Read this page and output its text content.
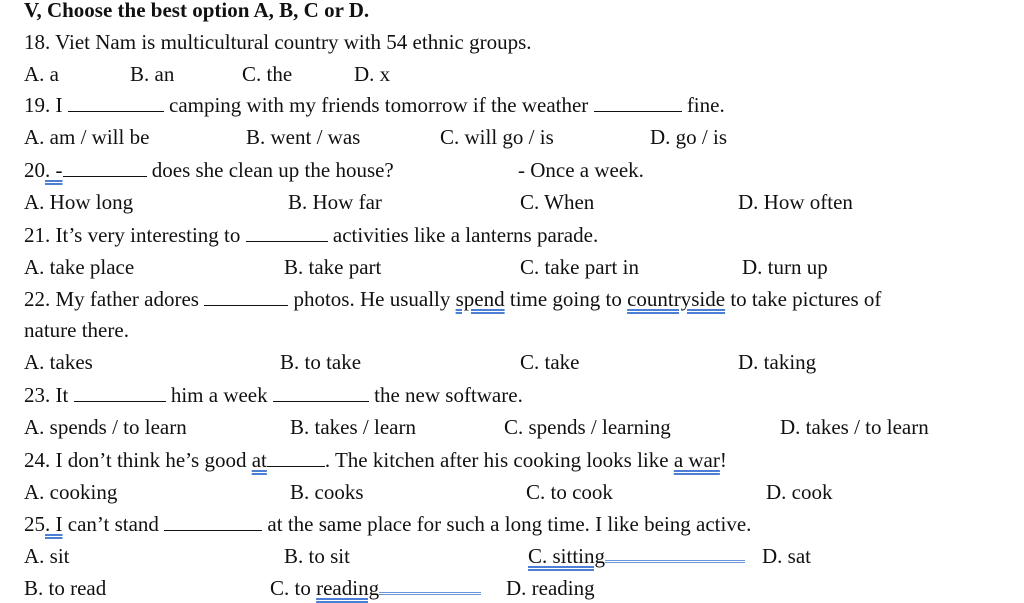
V, Choose the best option A, B, C or D.
18. Viet Nam is multicultural country with 54 ethnic groups.
A. a	B. an	C. the	D. x
19. I	camping with my friends tomorrow if the weather	fine.
A. am / will be	B. went / was	C. will go / is	D. go / is
20. -	does she clean up the house?	- Once a week.
A. How long	B. How far	C. When	D. How often
21. It’s very interesting to	activities like a lanterns parade.
A. take place	B. take part	C. take part in	D. turn up
22. My father adores	photos. He usually spend time going to countryside to take pictures of
nature there.
A. takes	B. to take	C. take	D. taking
23. It	him a week	the new software.
A. spends / to learn	B. takes / learn	C. spends / learning	D. takes / to learn
24. I don’t think he’s good at	. The kitchen after his cooking looks like a war!
A. cooking	B. cooks	C. to cook	D. cook
25. I can’t stand	at the same place for such a long time. I like being active.
A. sit	B. to sit	C. sitting	D. sat
B. to read	C. to reading	D. reading
